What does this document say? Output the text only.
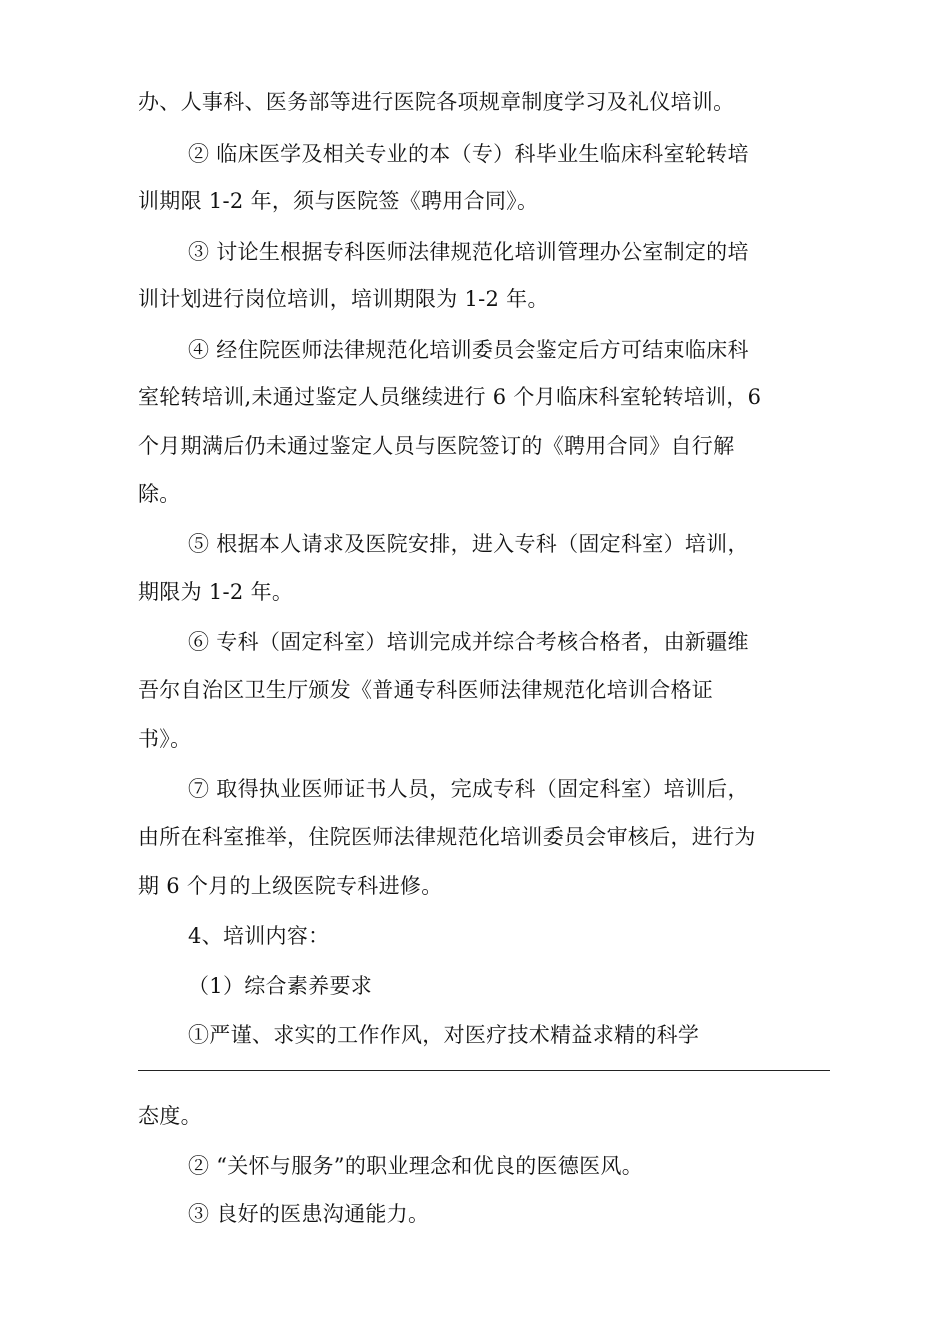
办、人事科、医务部等进行医院各项规章制度学习及礼仪培训。
② 临床医学及相关专业的本（专）科毕业生临床科室轮转培
训期限 1-2 年，须与医院签《聘用合同》。
③ 讨论生根据专科医师法律规范化培训管理办公室制定的培
训计划进行岗位培训，培训期限为 1-2 年。
④ 经住院医师法律规范化培训委员会鉴定后方可结束临床科
室轮转培训,未通过鉴定人员继续进行 6 个月临床科室轮转培训，6
个月期满后仍未通过鉴定人员与医院签订的《聘用合同》自行解
除。
⑤ 根据本人请求及医院安排，进入专科（固定科室）培训，
期限为 1-2 年。
⑥ 专科（固定科室）培训完成并综合考核合格者，由新疆维
吾尔自治区卫生厅颁发《普通专科医师法律规范化培训合格证
书》。
⑦ 取得执业医师证书人员，完成专科（固定科室）培训后，
由所在科室推举，住院医师法律规范化培训委员会审核后，进行为
期 6 个月的上级医院专科进修。
4、培训内容：
（1）综合素养要求
①严谨、求实的工作作风，对医疗技术精益求精的科学
态度。
② “关怀与服务”的职业理念和优良的医德医风。
③ 良好的医患沟通能力。
